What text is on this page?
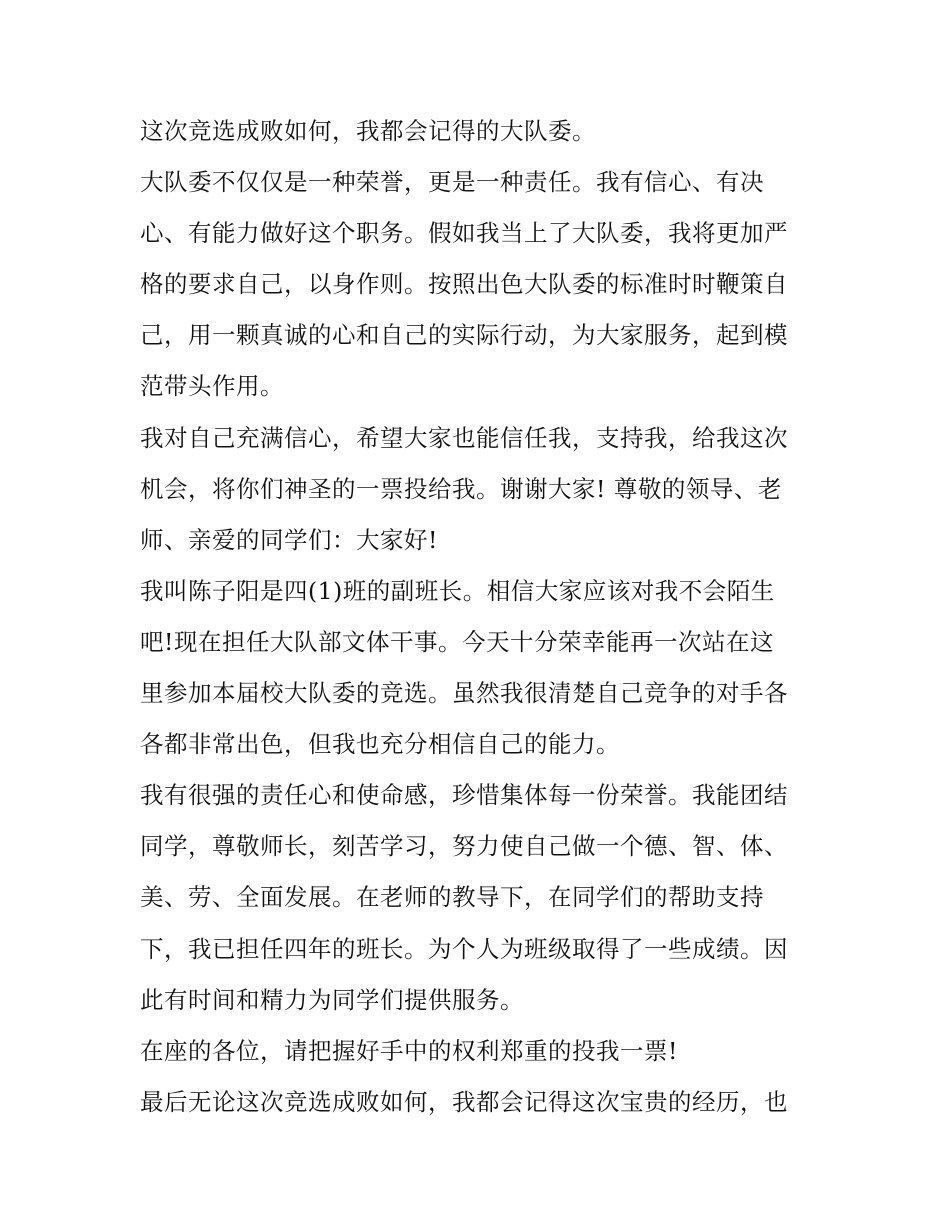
这次竞选成败如何，我都会记得的大队委。
大队委不仅仅是一种荣誉，更是一种责任。我有信心、有决
心、有能力做好这个职务。假如我当上了大队委，我将更加严
格的要求自己，以身作则。按照出色大队委的标准时时鞭策自
己，用一颗真诚的心和自己的实际行动，为大家服务，起到模
范带头作用。
我对自己充满信心，希望大家也能信任我，支持我，给我这次
机会，将你们神圣的一票投给我。谢谢大家! 尊敬的领导、老
师、亲爱的同学们：大家好!
我叫陈子阳是四(1)班的副班长。相信大家应该对我不会陌生
吧!现在担任大队部文体干事。今天十分荣幸能再一次站在这
里参加本届校大队委的竞选。虽然我很清楚自己竞争的对手各
各都非常出色，但我也充分相信自己的能力。
我有很强的责任心和使命感，珍惜集体每一份荣誉。我能团结
同学，尊敬师长，刻苦学习，努力使自己做一个德、智、体、
美、劳、全面发展。在老师的教导下，在同学们的帮助支持
下，我已担任四年的班长。为个人为班级取得了一些成绩。因
此有时间和精力为同学们提供服务。
在座的各位，请把握好手中的权利郑重的投我一票!
最后无论这次竞选成败如何，我都会记得这次宝贵的经历，也
